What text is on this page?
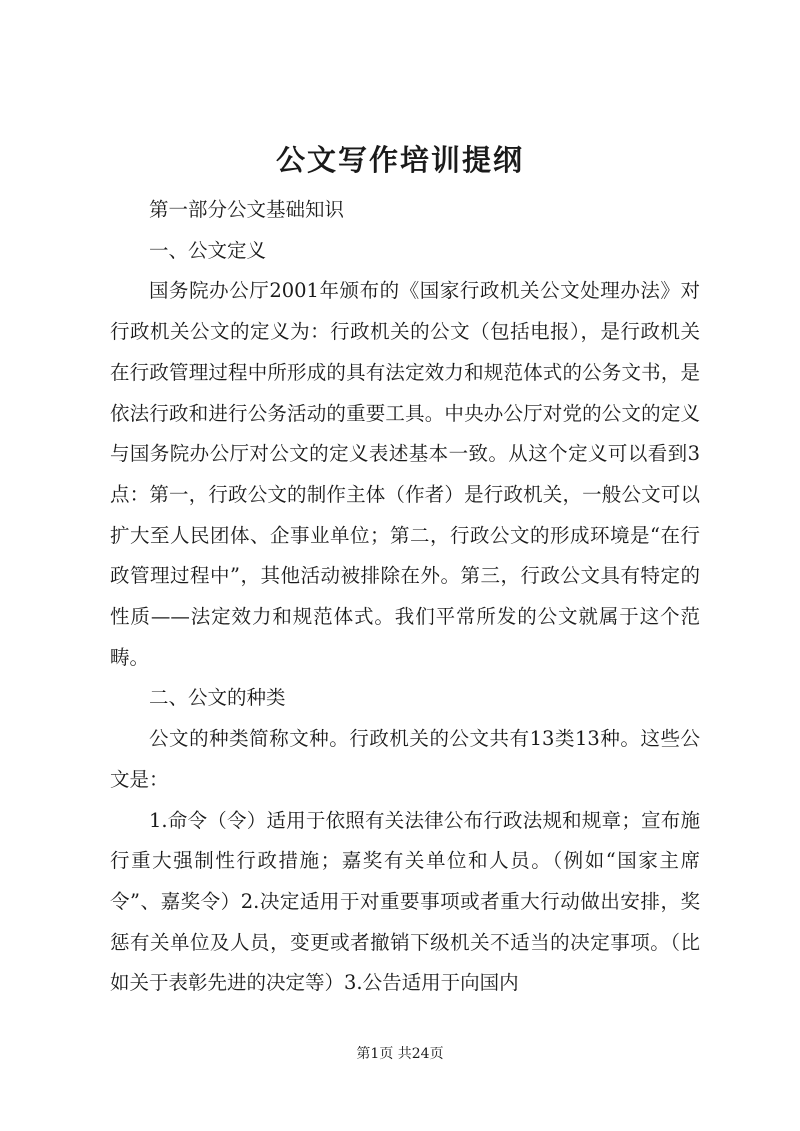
公文写作培训提纲

第一部分公文基础知识

一、公文定义

国务院办公厅2001年颁布的《国家行政机关公文处理办法》对行政机关公文的定义为：行政机关的公文（包括电报），是行政机关在行政管理过程中所形成的具有法定效力和规范体式的公务文书，是依法行政和进行公务活动的重要工具。中央办公厅对党的公文的定义与国务院办公厅对公文的定义表述基本一致。从这个定义可以看到3点：第一，行政公文的制作主体（作者）是行政机关，一般公文可以扩大至人民团体、企事业单位；第二，行政公文的形成环境是“在行政管理过程中”，其他活动被排除在外。第三，行政公文具有特定的性质——法定效力和规范体式。我们平常所发的公文就属于这个范畴。

二、公文的种类

公文的种类简称文种。行政机关的公文共有13类13种。这些公文是：

1.命令（令）适用于依照有关法律公布行政法规和规章；宣布施行重大强制性行政措施；嘉奖有关单位和人员。（例如“国家主席令”、嘉奖令）2.决定适用于对重要事项或者重大行动做出安排，奖惩有关单位及人员，变更或者撤销下级机关不适当的决定事项。（比如关于表彰先进的决定等）3.公告适用于向国内

第1页 共24页
